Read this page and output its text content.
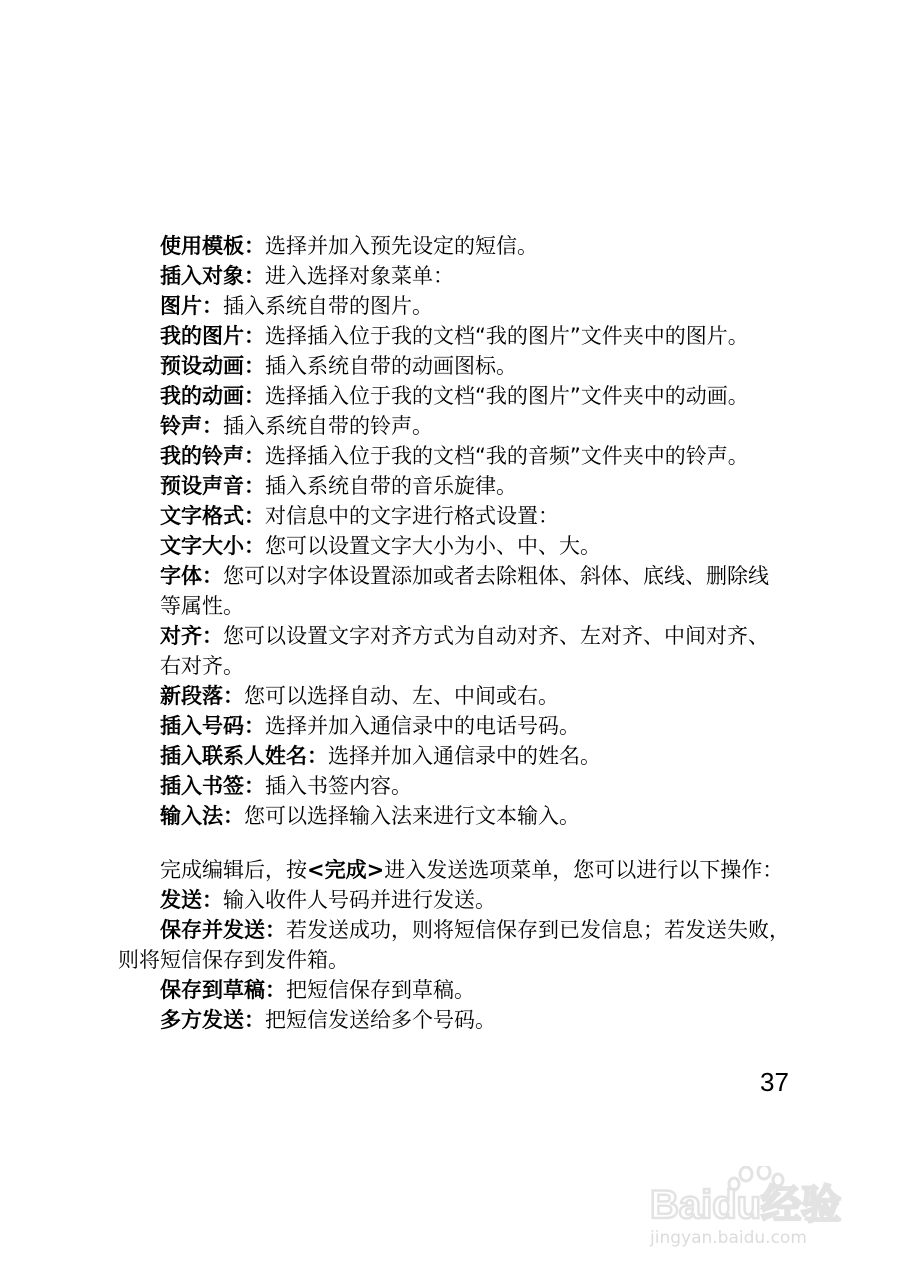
使用模板：选择并加入预先设定的短信。
插入对象：进入选择对象菜单：
图片：插入系统自带的图片。
我的图片：选择插入位于我的文档“我的图片”文件夹中的图片。
预设动画：插入系统自带的动画图标。
我的动画：选择插入位于我的文档“我的图片”文件夹中的动画。
铃声：插入系统自带的铃声。
我的铃声：选择插入位于我的文档“我的音频”文件夹中的铃声。
预设声音：插入系统自带的音乐旋律。
文字格式：对信息中的文字进行格式设置：
文字大小：您可以设置文字大小为小、中、大。
字体：您可以对字体设置添加或者去除粗体、斜体、底线、删除线
等属性。
对齐：您可以设置文字对齐方式为自动对齐、左对齐、中间对齐、
右对齐。
新段落：您可以选择自动、左、中间或右。
插入号码：选择并加入通信录中的电话号码。
插入联系人姓名：选择并加入通信录中的姓名。
插入书签：插入书签内容。
输入法：您可以选择输入法来进行文本输入。
完成编辑后，按<完成>进入发送选项菜单，您可以进行以下操作：
发送：输入收件人号码并进行发送。
保存并发送：若发送成功，则将短信保存到已发信息；若发送失败，
则将短信保存到发件箱。
保存到草稿：把短信保存到草稿。
多方发送：把短信发送给多个号码。
37
Baidu经验
jingyan.baidu.com
